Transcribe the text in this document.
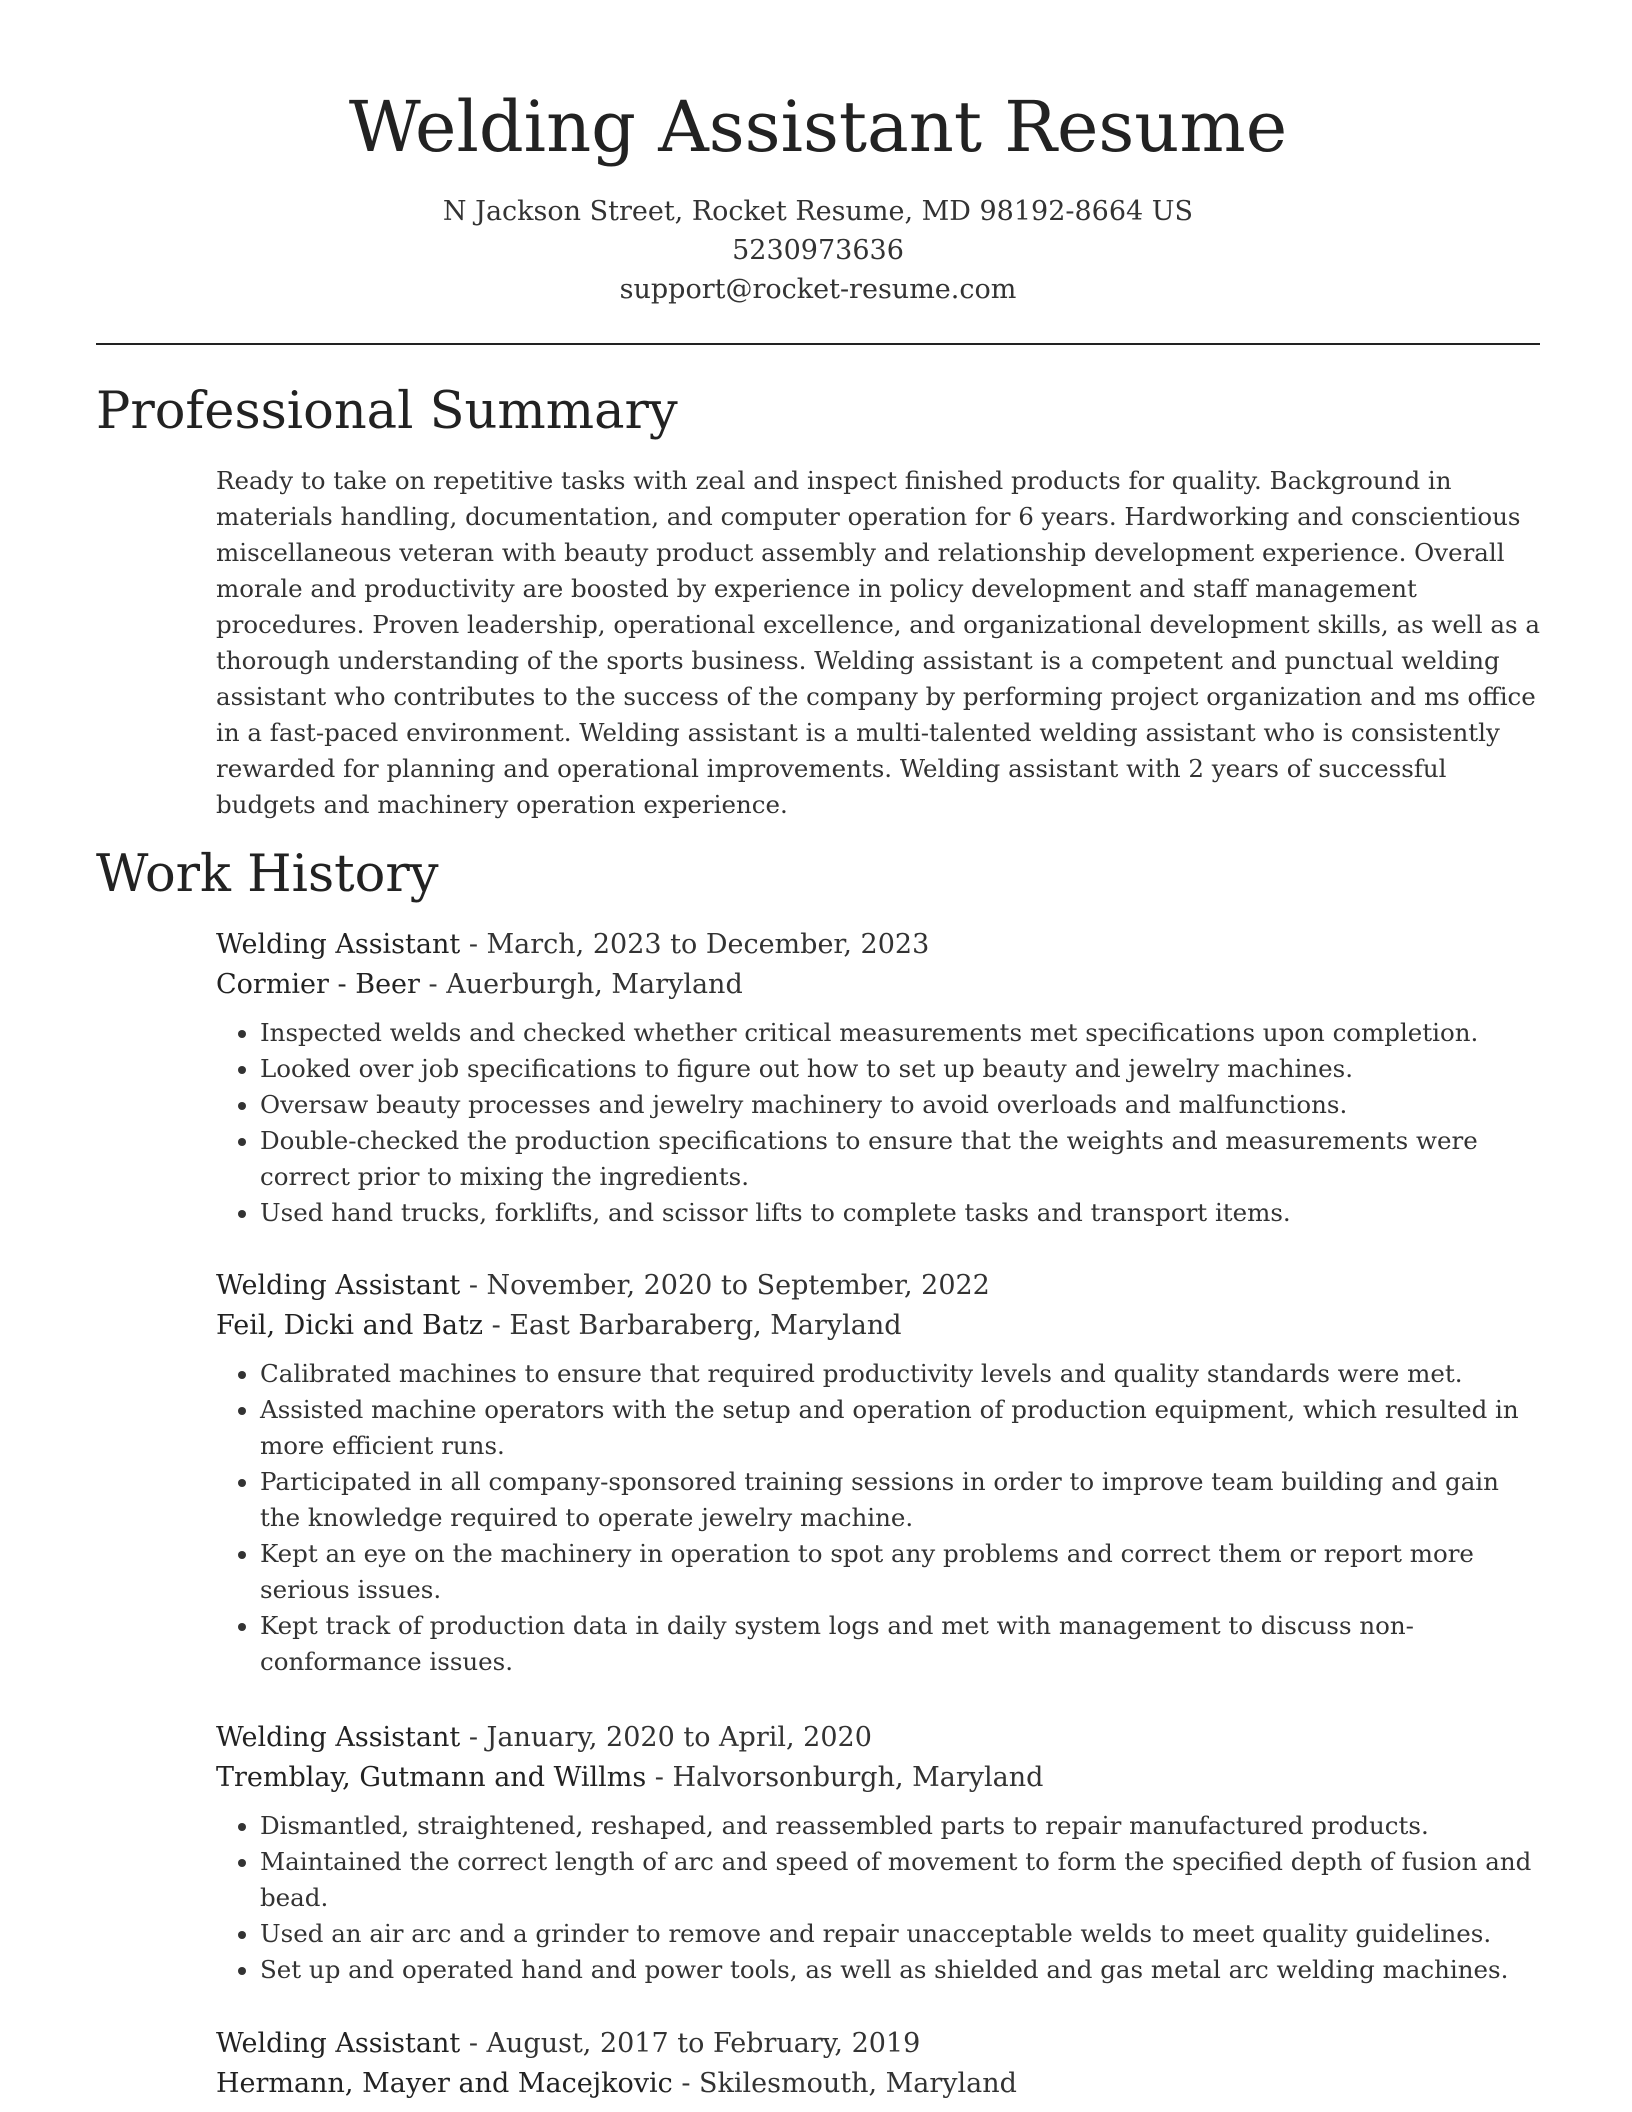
Welding Assistant Resume
N Jackson Street, Rocket Resume, MD 98192-8664 US
5230973636
support@rocket-resume.com
Professional Summary

Ready to take on repetitive tasks with zeal and inspect finished products for quality. Background in materials handling, documentation, and computer operation for 6 years. Hardworking and conscientious miscellaneous veteran with beauty product assembly and relationship development experience. Overall morale and productivity are boosted by experience in policy development and staff management procedures. Proven leadership, operational excellence, and organizational development skills, as well as a thorough understanding of the sports business. Welding assistant is a competent and punctual welding assistant who contributes to the success of the company by performing project organization and ms office in a fast-paced environment. Welding assistant is a multi-talented welding assistant who is consistently rewarded for planning and operational improvements. Welding assistant with 2 years of successful budgets and machinery operation experience.

Work History

Welding Assistant - March, 2023 to December, 2023

Cormier - Beer - Auerburgh, Maryland

• Inspected welds and checked whether critical measurements met specifications upon completion.
• Looked over job specifications to figure out how to set up beauty and jewelry machines.
• Oversaw beauty processes and jewelry machinery to avoid overloads and malfunctions.
• Double-checked the production specifications to ensure that the weights and measurements were correct prior to mixing the ingredients.
• Used hand trucks, forklifts, and scissor lifts to complete tasks and transport items.

Welding Assistant - November, 2020 to September, 2022

Feil, Dicki and Batz - East Barbaraberg, Maryland

• Calibrated machines to ensure that required productivity levels and quality standards were met.
• Assisted machine operators with the setup and operation of production equipment, which resulted in more efficient runs.
• Participated in all company-sponsored training sessions in order to improve team building and gain the knowledge required to operate jewelry machine.
• Kept an eye on the machinery in operation to spot any problems and correct them or report more serious issues.
• Kept track of production data in daily system logs and met with management to discuss non-conformance issues.

Welding Assistant - January, 2020 to April, 2020

Tremblay, Gutmann and Willms - Halvorsonburgh, Maryland

• Dismantled, straightened, reshaped, and reassembled parts to repair manufactured products.
• Maintained the correct length of arc and speed of movement to form the specified depth of fusion and bead.
• Used an air arc and a grinder to remove and repair unacceptable welds to meet quality guidelines.
• Set up and operated hand and power tools, as well as shielded and gas metal arc welding machines.

Welding Assistant - August, 2017 to February, 2019

Hermann, Mayer and Macejkovic - Skilesmouth, Maryland
